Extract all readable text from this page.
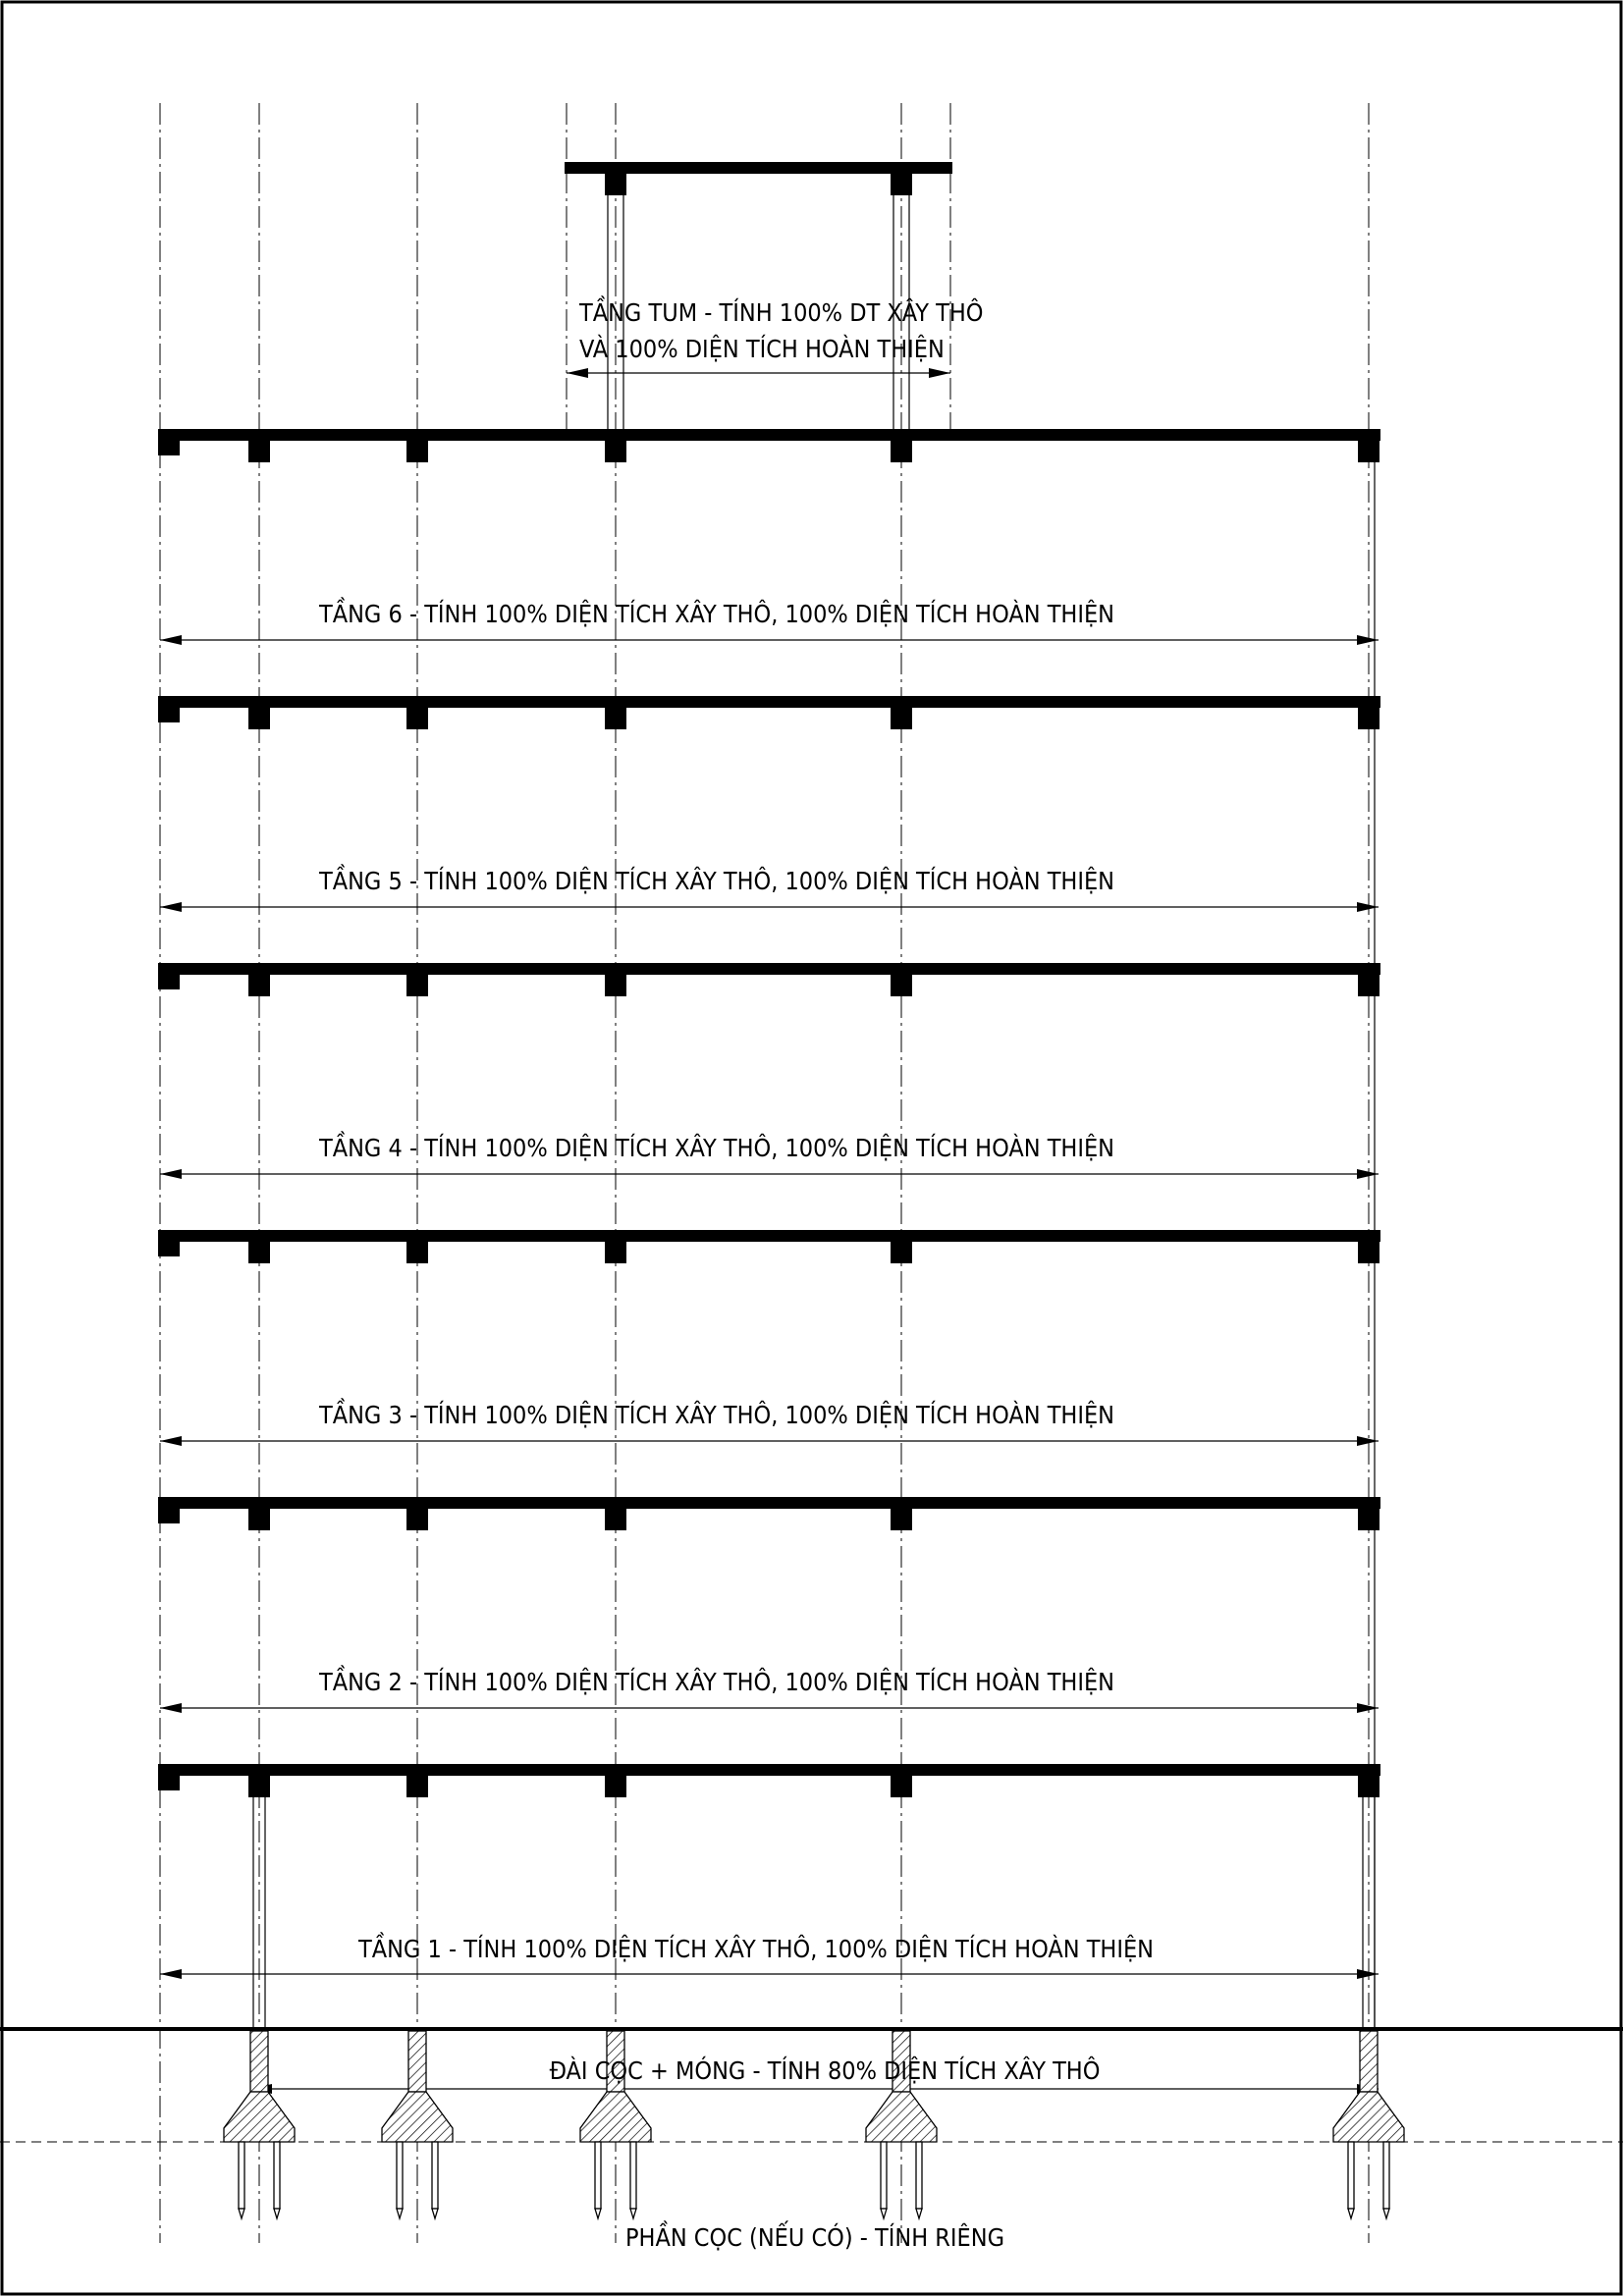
TẦNG TUM - TÍNH 100% DT XÂY THÔ
VÀ 100% DIỆN TÍCH HOÀN THIỆN
TẦNG 6 - TÍNH 100% DIỆN TÍCH XÂY THÔ, 100% DIỆN TÍCH HOÀN THIỆN
TẦNG 5 - TÍNH 100% DIỆN TÍCH XÂY THÔ, 100% DIỆN TÍCH HOÀN THIỆN
TẦNG 4 - TÍNH 100% DIỆN TÍCH XÂY THÔ, 100% DIỆN TÍCH HOÀN THIỆN
TẦNG 3 - TÍNH 100% DIỆN TÍCH XÂY THÔ, 100% DIỆN TÍCH HOÀN THIỆN
TẦNG 2 - TÍNH 100% DIỆN TÍCH XÂY THÔ, 100% DIỆN TÍCH HOÀN THIỆN
TẦNG 1 - TÍNH 100% DIỆN TÍCH XÂY THÔ, 100% DIỆN TÍCH HOÀN THIỆN
ĐÀI CỌC + MÓNG - TÍNH 80% DIỆN TÍCH XÂY THÔ
PHẦN CỌC (NẾU CÓ) - TÍNH RIÊNG
